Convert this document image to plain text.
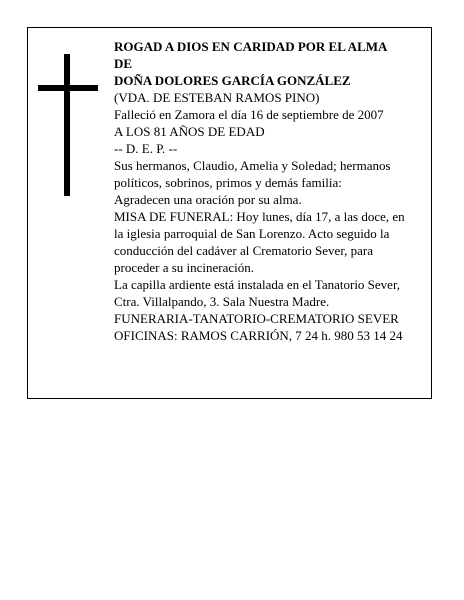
ROGAD A DIOS EN CARIDAD POR EL ALMA
DE
DOÑA DOLORES GARCÍA GONZÁLEZ
(VDA. DE ESTEBAN RAMOS PINO)
Falleció en Zamora el día 16 de septiembre de 2007
A LOS 81 AÑOS DE EDAD
-- D. E. P. --
Sus hermanos, Claudio, Amelia y Soledad; hermanos
políticos, sobrinos, primos y demás familia:
Agradecen una oración por su alma.
MISA DE FUNERAL: Hoy lunes, día 17, a las doce, en
la iglesia parroquial de San Lorenzo. Acto seguido la
conducción del cadáver al Crematorio Sever, para
proceder a su incineración.
La capilla ardiente está instalada en el Tanatorio Sever,
Ctra. Villalpando, 3. Sala Nuestra Madre.
FUNERARIA-TANATORIO-CREMATORIO SEVER
OFICINAS: RAMOS CARRIÓN, 7 24 h. 980 53 14 24
